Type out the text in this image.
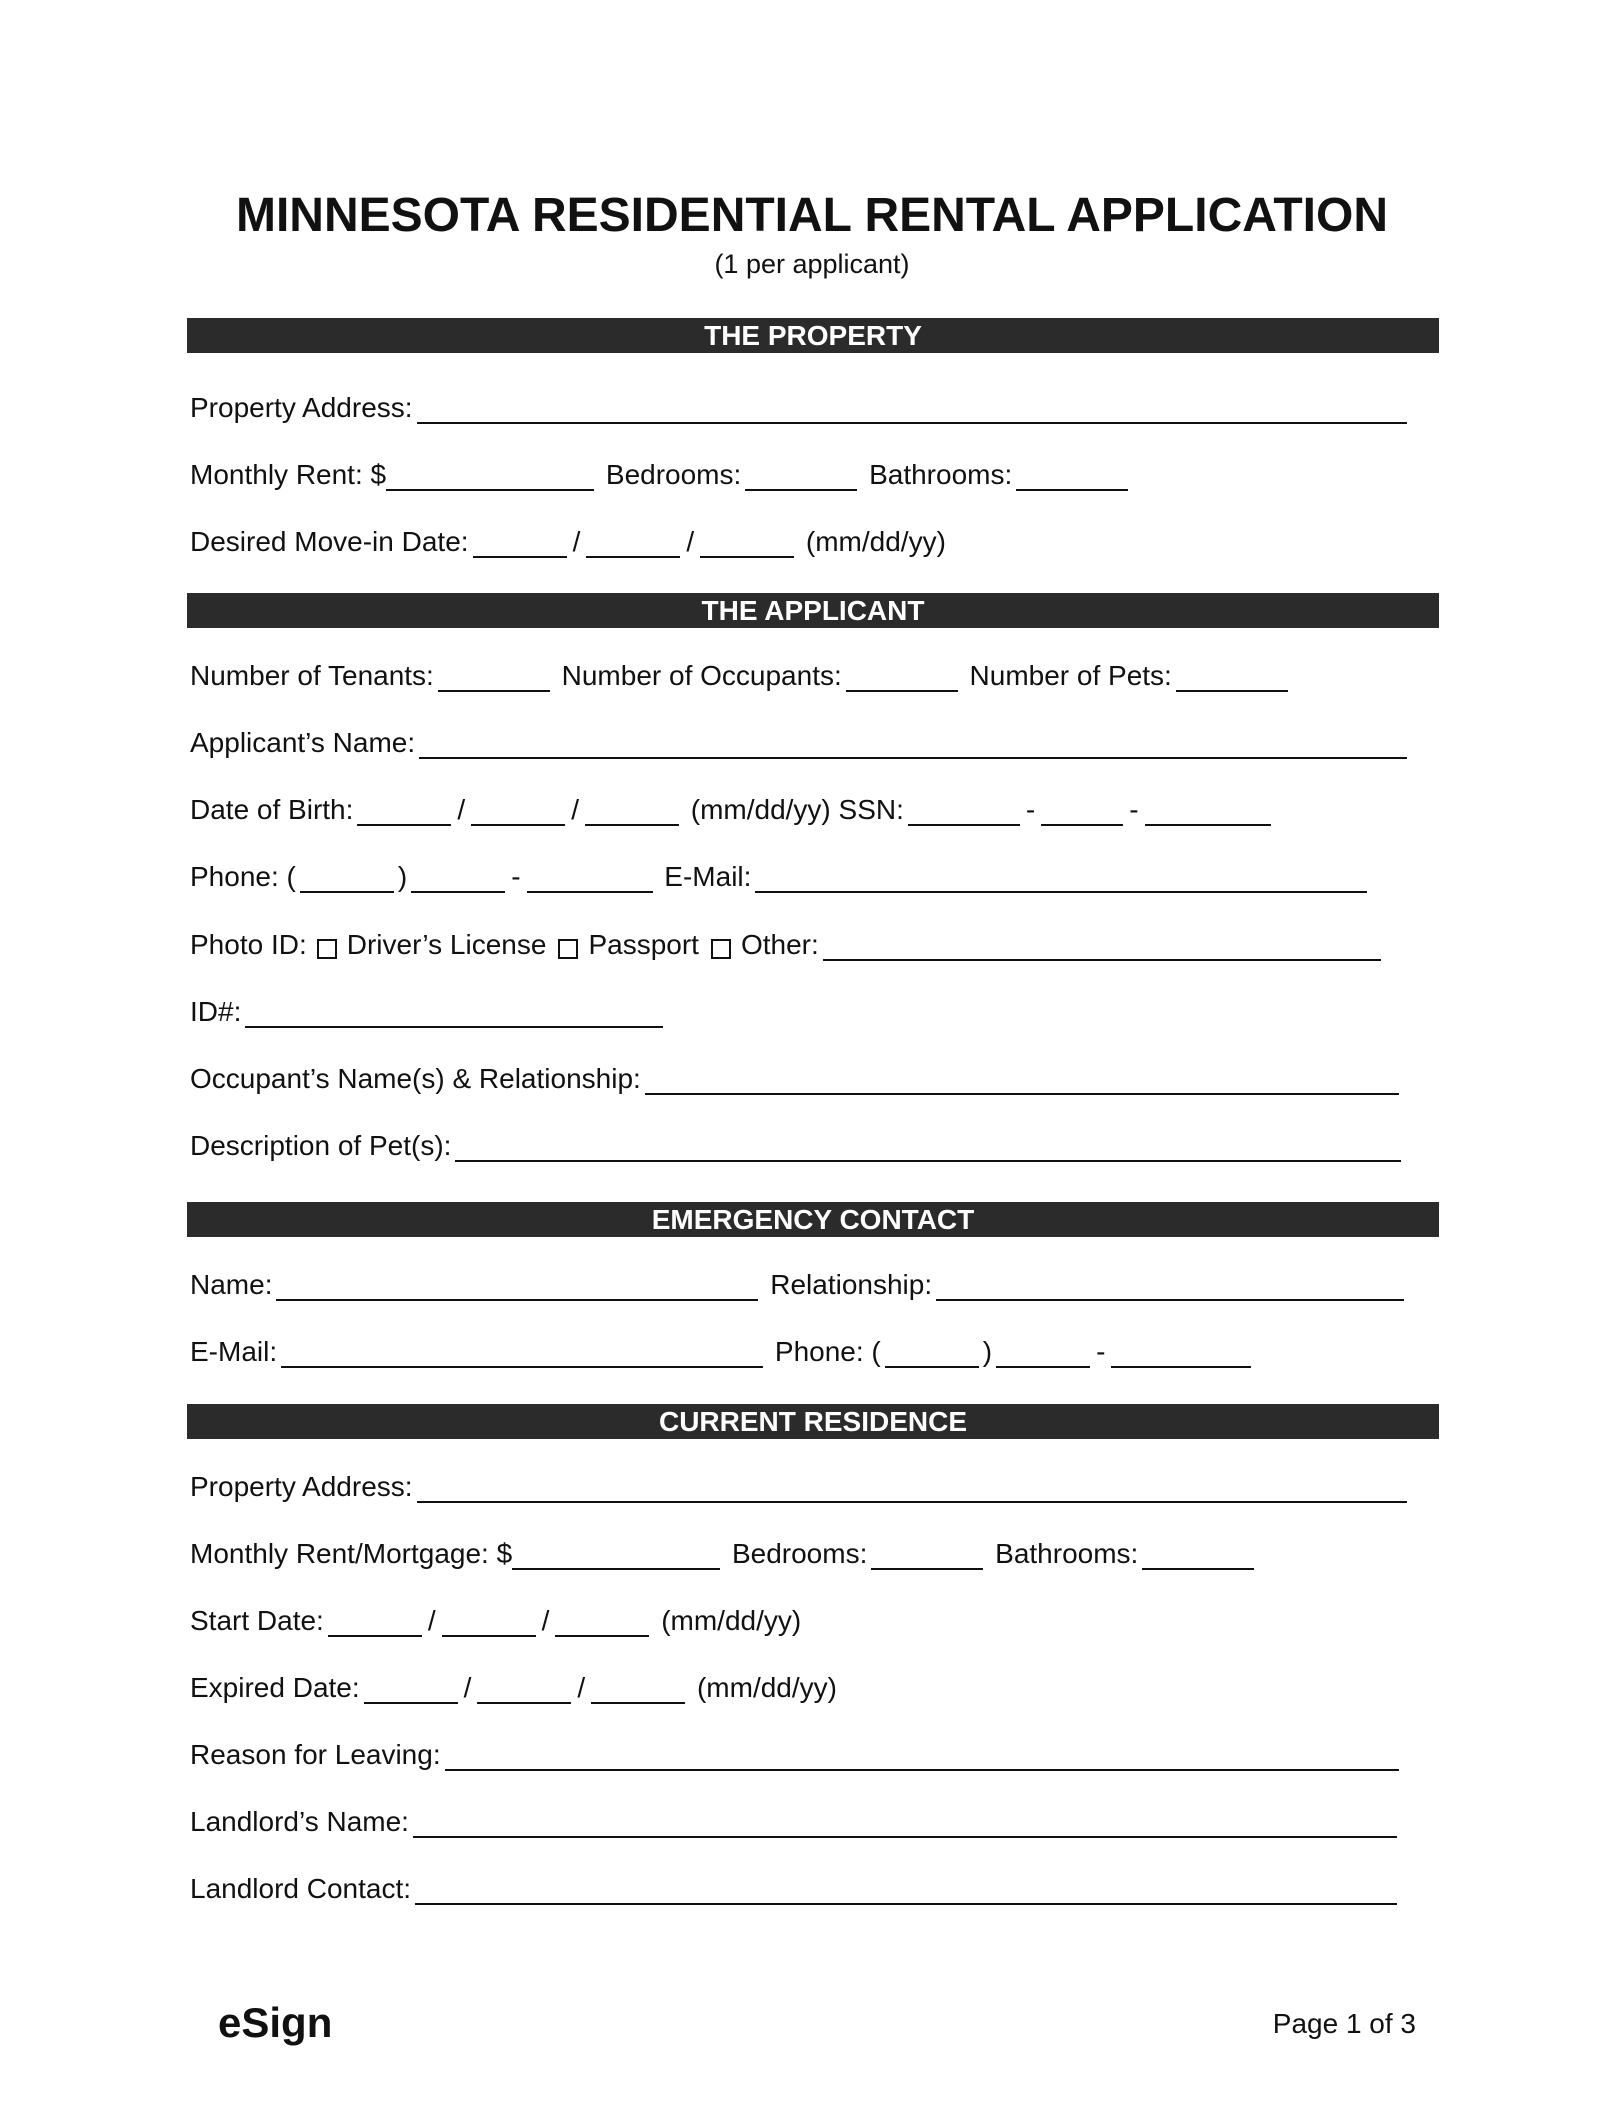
MINNESOTA RESIDENTIAL RENTAL APPLICATION
(1 per applicant)
THE PROPERTY
Property Address:
Monthly Rent: $	Bedrooms:	Bathrooms:
Desired Move-in Date:	/	/	(mm/dd/yy)
THE APPLICANT
Number of Tenants:	Number of Occupants:	Number of Pets:
Applicant’s Name:
Date of Birth:	/	/	(mm/dd/yy) SSN:	-	-
Phone: (	)	-	E-Mail:
Photo ID: Driver’s License Passport Other:
ID#:
Occupant’s Name(s) & Relationship:
Description of Pet(s):
EMERGENCY CONTACT
Name:	Relationship:
E-Mail:	Phone: (	)	-
CURRENT RESIDENCE
Property Address:
Monthly Rent/Mortgage: $	Bedrooms:	Bathrooms:
Start Date:	/	/	(mm/dd/yy)
Expired Date:	/	/	(mm/dd/yy)
Reason for Leaving:
Landlord’s Name:
Landlord Contact:
eSign	Page 1 of 3
